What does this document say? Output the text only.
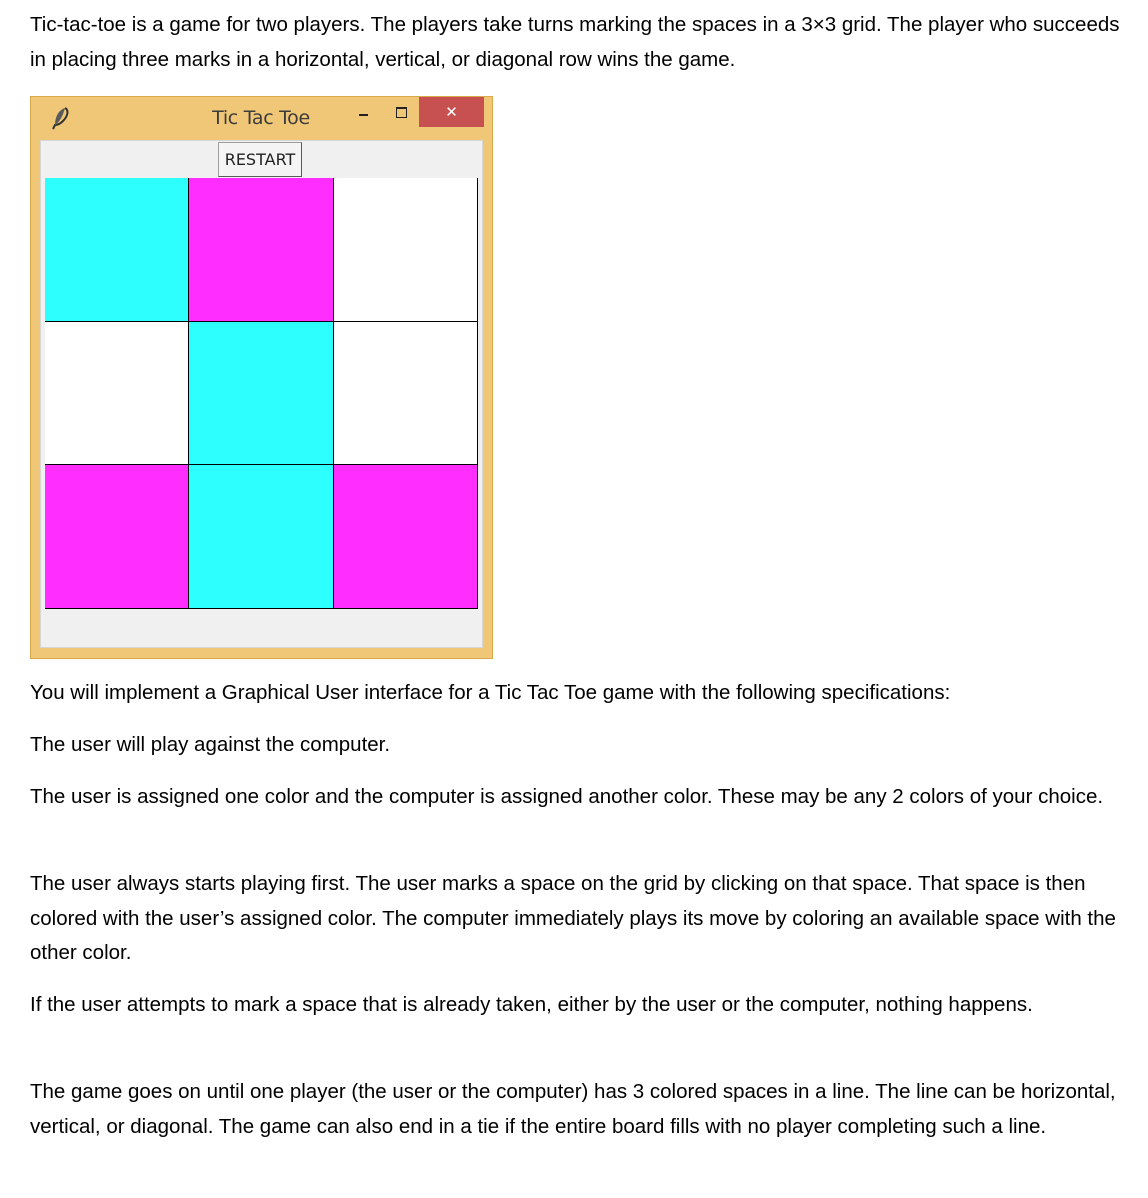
Tic-tac-toe is a game for two players. The players take turns marking the spaces in a 3×3 grid. The player who succeeds in placing three marks in a horizontal, vertical, or diagonal row wins the game.

Tic Tac Toe	✕
RESTART

You will implement a Graphical User interface for a Tic Tac Toe game with the following specifications:

The user will play against the computer.

The user is assigned one color and the computer is assigned another color. These may be any 2 colors of your choice.

The user always starts playing first. The user marks a space on the grid by clicking on that space. That space is then colored with the user’s assigned color. The computer immediately plays its move by coloring an available space with the other color.

If the user attempts to mark a space that is already taken, either by the user or the computer, nothing happens.

The game goes on until one player (the user or the computer) has 3 colored spaces in a line. The line can be horizontal, vertical, or diagonal. The game can also end in a tie if the entire board fills with no player completing such a line.
